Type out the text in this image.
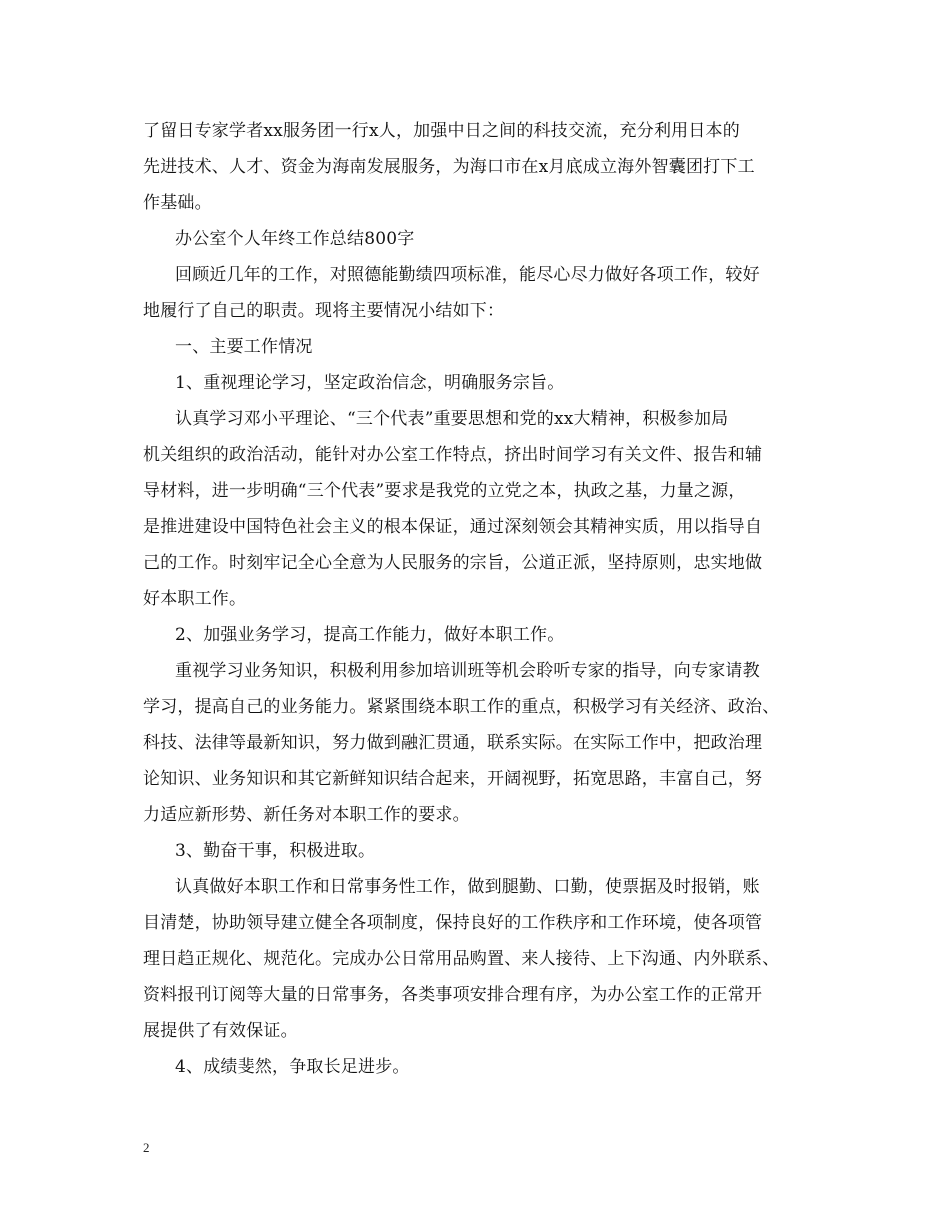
了留日专家学者xx服务团一行x人，加强中日之间的科技交流，充分利用日本的
先进技术、人才、资金为海南发展服务，为海口市在x月底成立海外智囊团打下工
作基础。
办公室个人年终工作总结800字
回顾近几年的工作，对照德能勤绩四项标准，能尽心尽力做好各项工作，较好
地履行了自己的职责。现将主要情况小结如下：
一、主要工作情况
1、重视理论学习，坚定政治信念，明确服务宗旨。
认真学习邓小平理论、“三个代表”重要思想和党的xx大精神，积极参加局
机关组织的政治活动，能针对办公室工作特点，挤出时间学习有关文件、报告和辅
导材料，进一步明确“三个代表”要求是我党的立党之本，执政之基，力量之源，
是推进建设中国特色社会主义的根本保证，通过深刻领会其精神实质，用以指导自
己的工作。时刻牢记全心全意为人民服务的宗旨，公道正派，坚持原则，忠实地做
好本职工作。
2、加强业务学习，提高工作能力，做好本职工作。
重视学习业务知识，积极利用参加培训班等机会聆听专家的指导，向专家请教
学习，提高自己的业务能力。紧紧围绕本职工作的重点，积极学习有关经济、政治、
科技、法律等最新知识，努力做到融汇贯通，联系实际。在实际工作中，把政治理
论知识、业务知识和其它新鲜知识结合起来，开阔视野，拓宽思路，丰富自己，努
力适应新形势、新任务对本职工作的要求。
3、勤奋干事，积极进取。
认真做好本职工作和日常事务性工作，做到腿勤、口勤，使票据及时报销，账
目清楚，协助领导建立健全各项制度，保持良好的工作秩序和工作环境，使各项管
理日趋正规化、规范化。完成办公日常用品购置、来人接待、上下沟通、内外联系、
资料报刊订阅等大量的日常事务，各类事项安排合理有序，为办公室工作的正常开
展提供了有效保证。
4、成绩斐然，争取长足进步。
2
